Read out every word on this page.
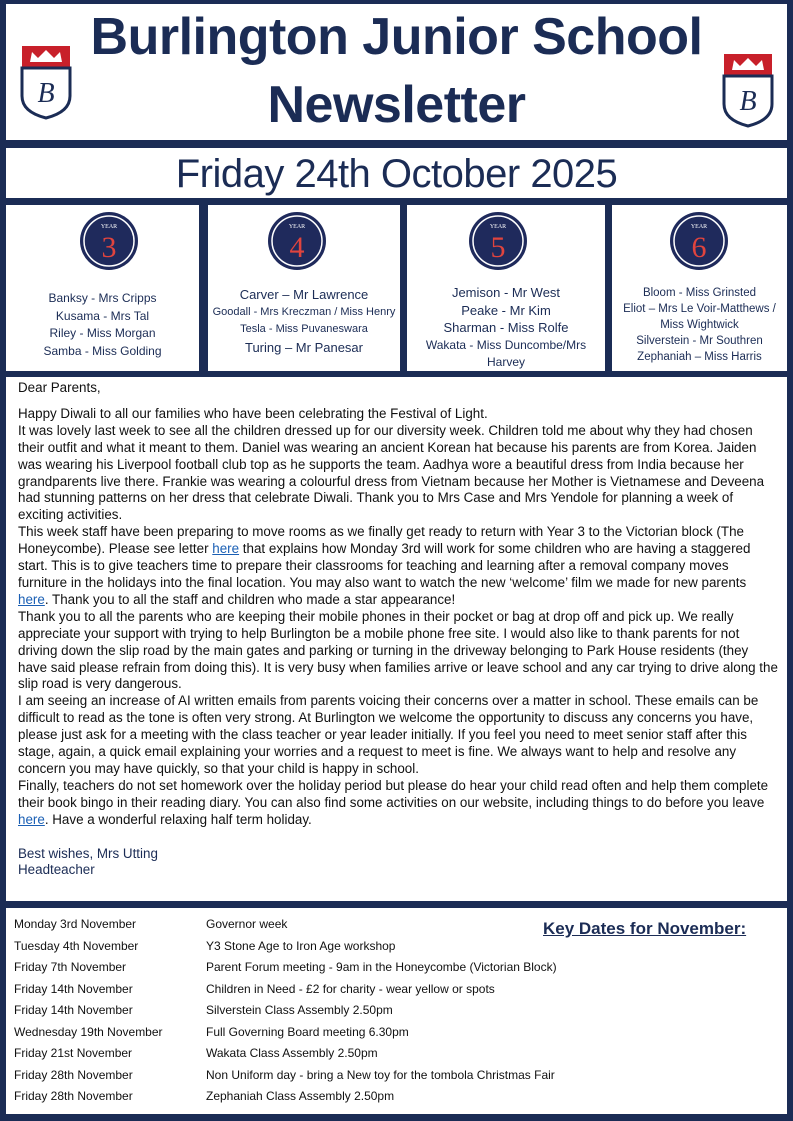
B
Burlington Junior School
Newsletter	B
Friday 24th October 2025
YEAR
3
Banksy - Mrs Cripps
Kusama - Mrs Tal
Riley - Miss Morgan
Samba - Miss Golding
YEAR
4
Carver – Mr Lawrence
Goodall - Mrs Kreczman / Miss Henry
Tesla - Miss Puvaneswara
Turing – Mr Panesar
YEAR
5
Jemison - Mr West
Peake - Mr Kim
Sharman - Miss Rolfe
Wakata - Miss Duncombe/Mrs Harvey
YEAR
6
Bloom - Miss Grinsted
Eliot – Mrs Le Voir-Matthews /
Miss Wightwick
Silverstein - Mr Southren
Zephaniah – Miss Harris

Dear Parents,

Happy Diwali to all our families who have been celebrating the Festival of Light.

It was lovely last week to see all the children dressed up for our diversity week. Children told me about why they had chosen their outfit and what it meant to them. Daniel was wearing an ancient Korean hat because his parents are from Korea. Jaiden was wearing his Liverpool football club top as he supports the team. Aadhya wore a beautiful dress from India because her grandparents live there. Frankie was wearing a colourful dress from Vietnam because her Mother is Vietnamese and Deveena had stunning patterns on her dress that celebrate Diwali. Thank you to Mrs Case and Mrs Yendole for planning a week of exciting activities.

This week staff have been preparing to move rooms as we finally get ready to return with Year 3 to the Victorian block (The Honeycombe). Please see letter here that explains how Monday 3rd will work for some children who are having a staggered start. This is to give teachers time to prepare their classrooms for teaching and learning after a removal company moves furniture in the holidays into the final location. You may also want to watch the new ‘welcome’ film we made for new parents here. Thank you to all the staff and children who made a star appearance!

Thank you to all the parents who are keeping their mobile phones in their pocket or bag at drop off and pick up. We really appreciate your support with trying to help Burlington be a mobile phone free site. I would also like to thank parents for not driving down the slip road by the main gates and parking or turning in the driveway belonging to Park House residents (they have said please refrain from doing this). It is very busy when families arrive or leave school and any car trying to drive along the slip road is very dangerous.

I am seeing an increase of AI written emails from parents voicing their concerns over a matter in school. These emails can be difficult to read as the tone is often very strong. At Burlington we welcome the opportunity to discuss any concerns you have, please just ask for a meeting with the class teacher or year leader initially. If you feel you need to meet senior staff after this stage, again, a quick email explaining your worries and a request to meet is fine. We always want to help and resolve any concern you may have quickly, so that your child is happy in school.

Finally, teachers do not set homework over the holiday period but please do hear your child read often and help them complete their book bingo in their reading diary. You can also find some activities on our website, including things to do before you leave here. Have a wonderful relaxing half term holiday.

Best wishes, Mrs Utting

Headteacher

Key Dates for November:
Monday 3rd November	Governor week
Tuesday 4th November	Y3 Stone Age to Iron Age workshop
Friday 7th November	Parent Forum meeting - 9am in the Honeycombe (Victorian Block)
Friday 14th November	Children in Need - £2 for charity - wear yellow or spots
Friday 14th November	Silverstein Class Assembly 2.50pm
Wednesday 19th November	Full Governing Board meeting 6.30pm
Friday 21st November	Wakata Class Assembly 2.50pm
Friday 28th November	Non Uniform day - bring a New toy for the tombola Christmas Fair
Friday 28th November	Zephaniah Class Assembly 2.50pm
